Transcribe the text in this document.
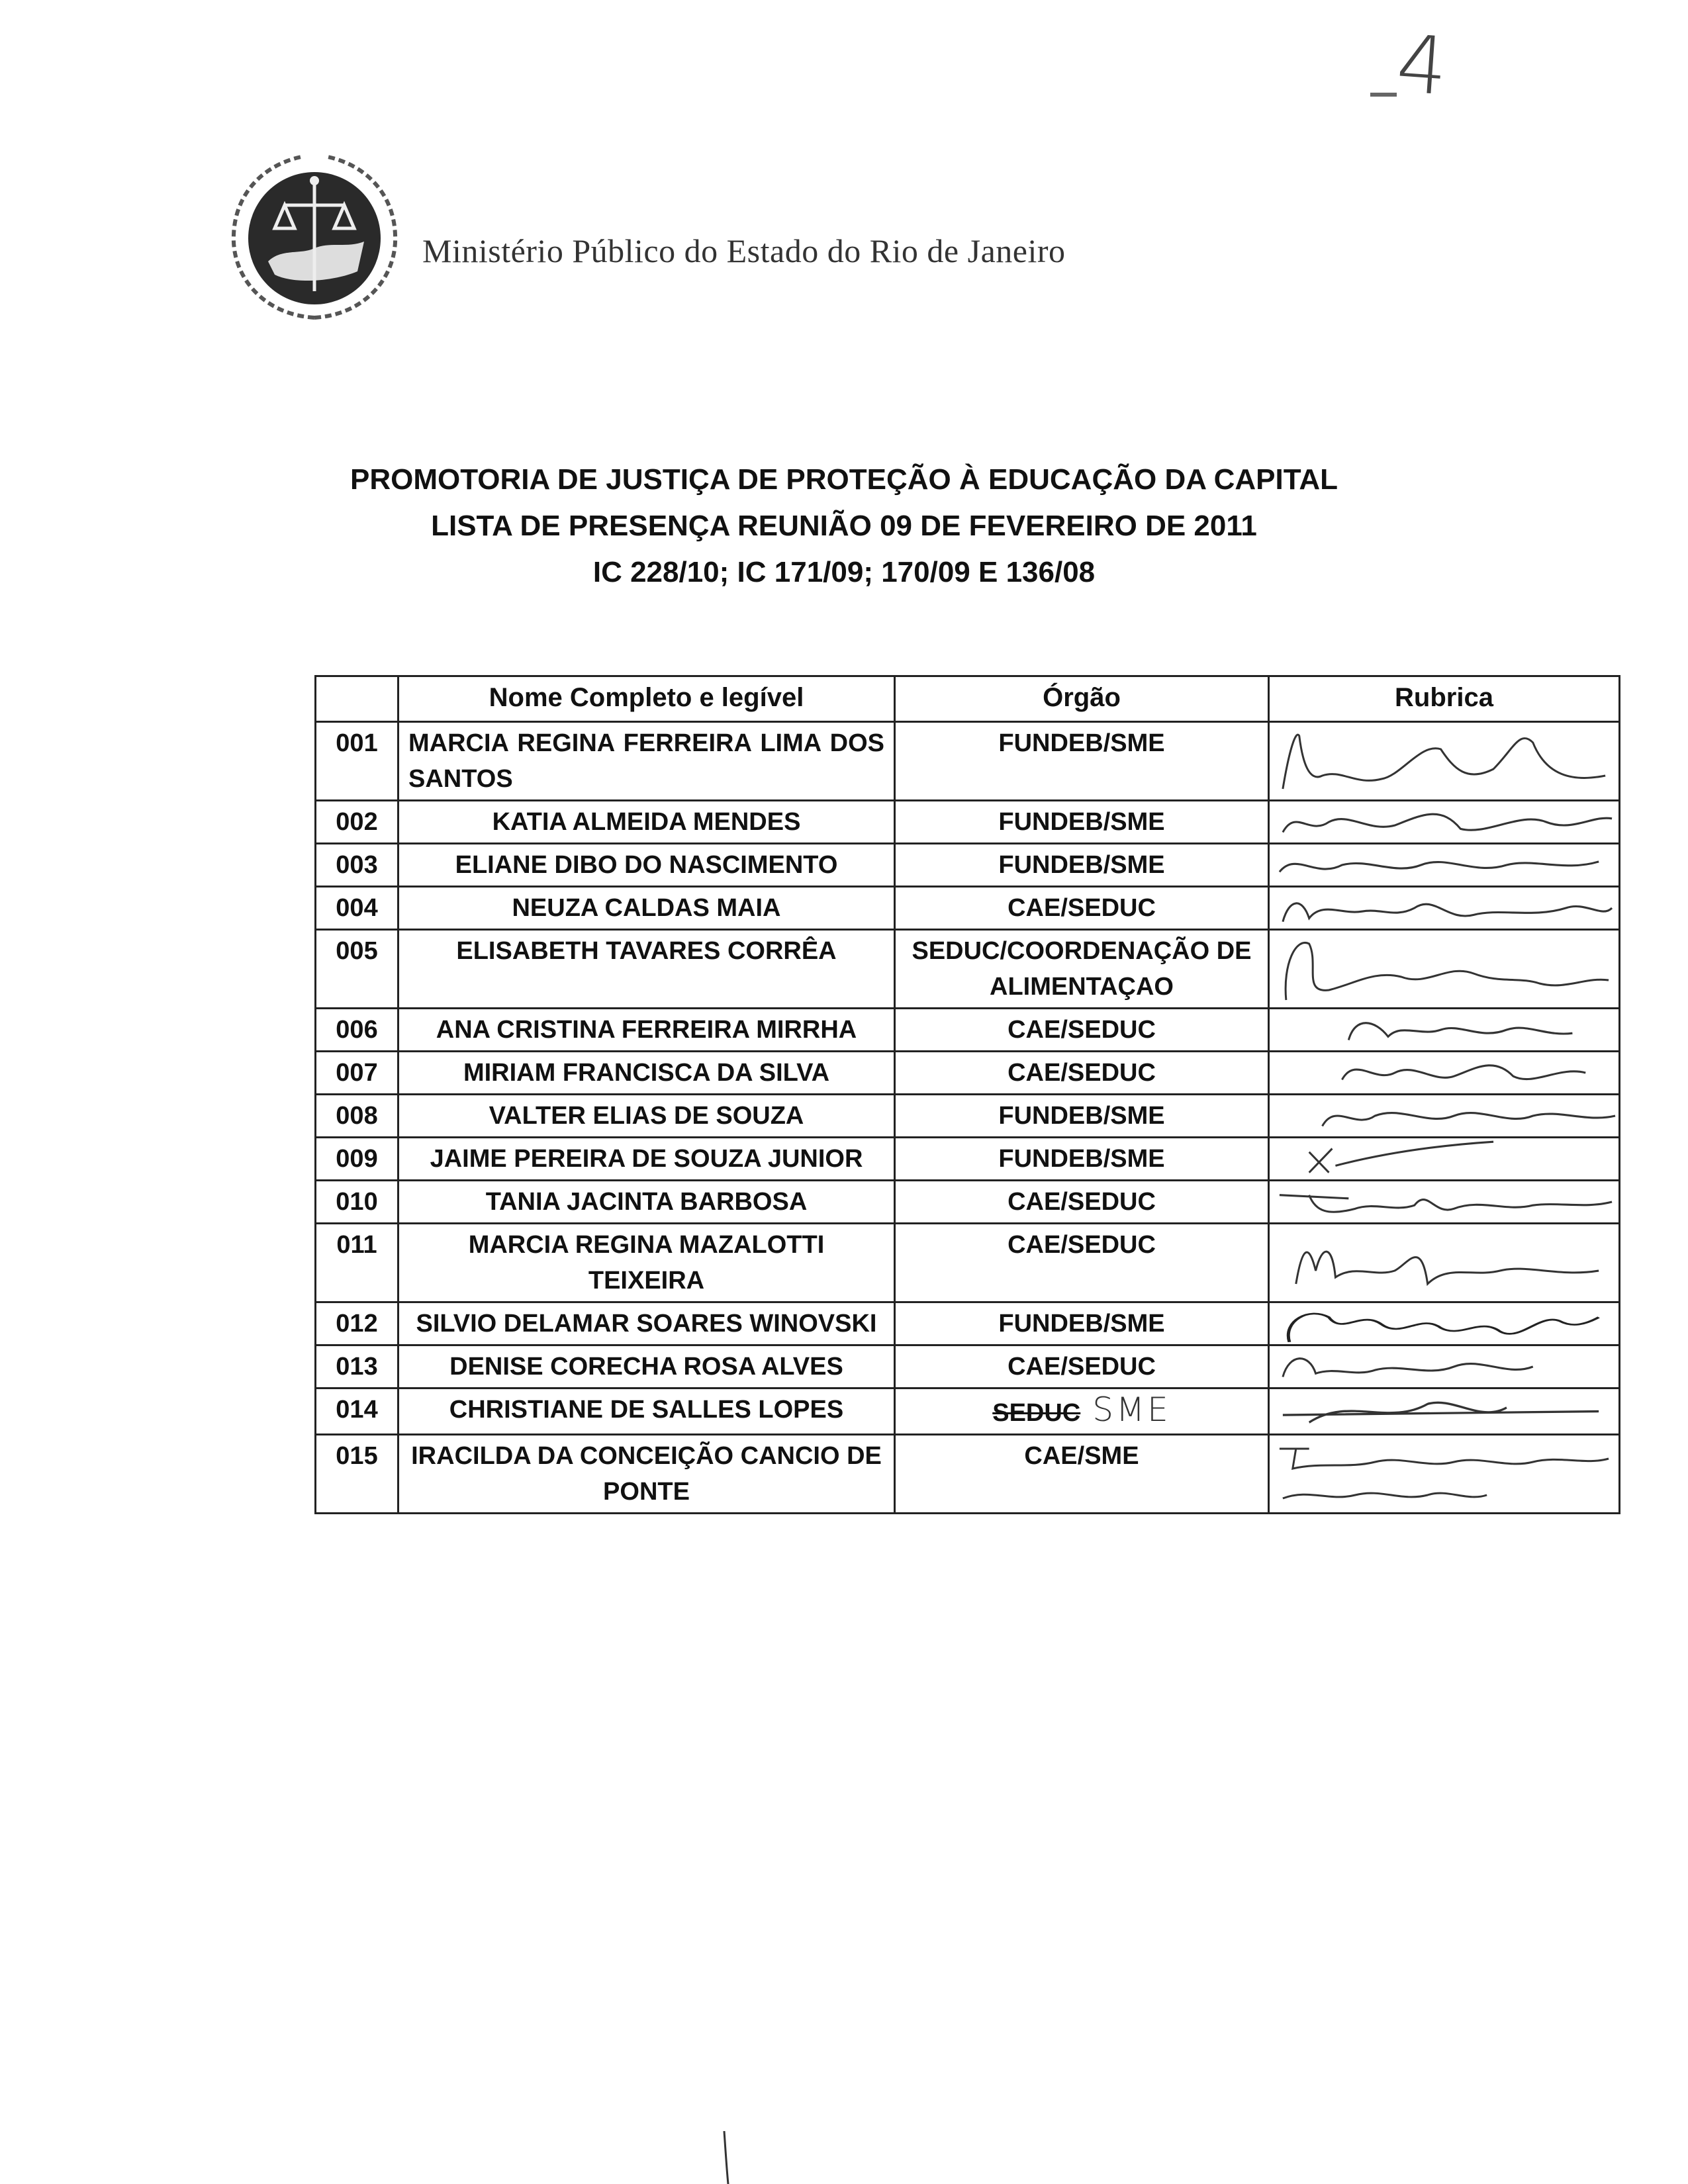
4
Ministério Público do Estado do Rio de Janeiro
PROMOTORIA DE JUSTIÇA DE PROTEÇÃO À EDUCAÇÃO DA CAPITAL
LISTA DE PRESENÇA REUNIÃO 09 DE FEVEREIRO DE 2011
IC 228/10; IC 171/09; 170/09 E 136/08
	Nome Completo e legível	Órgão	Rubrica
001	MARCIA REGINA FERREIRA LIMA DOS SANTOS	FUNDEB/SME	

002	KATIA ALMEIDA MENDES	FUNDEB/SME	

003	ELIANE DIBO DO NASCIMENTO	FUNDEB/SME	

004	NEUZA CALDAS MAIA	CAE/SEDUC	

005	ELISABETH TAVARES CORRÊA	SEDUC/COORDENAÇÃO DE ALIMENTAÇAO	

006	ANA CRISTINA FERREIRA MIRRHA	CAE/SEDUC	

007	MIRIAM FRANCISCA DA SILVA	CAE/SEDUC	

008	VALTER ELIAS DE SOUZA	FUNDEB/SME	

009	JAIME PEREIRA DE SOUZA JUNIOR	FUNDEB/SME	

010	TANIA JACINTA BARBOSA	CAE/SEDUC	

011	MARCIA REGINA MAZALOTTI TEIXEIRA	CAE/SEDUC	

012	SILVIO DELAMAR SOARES WINOVSKI	FUNDEB/SME	

013	DENISE CORECHA ROSA ALVES	CAE/SEDUC	

014	CHRISTIANE DE SALLES LOPES	SEDUC SME	

015	IRACILDA DA CONCEIÇÃO CANCIO DE PONTE	CAE/SME	
